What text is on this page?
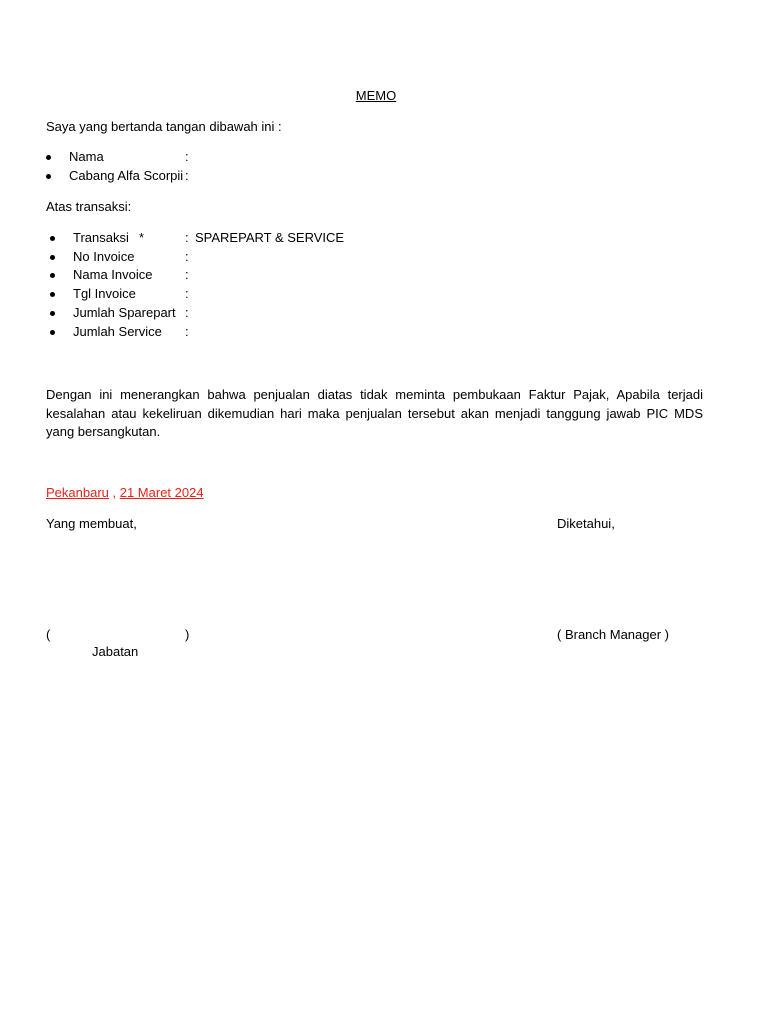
MEMO
Saya yang bertanda tangan dibawah ini :
Nama	:
Cabang Alfa Scorpii :
Atas transaksi:
Transaksi *	: SPAREPART & SERVICE
No Invoice	:
Nama Invoice	:
Tgl Invoice	:
Jumlah Sparepart :
Jumlah Service :
Dengan ini menerangkan bahwa penjualan diatas tidak meminta pembukaan Faktur Pajak, Apabila terjadi kesalahan atau kekeliruan dikemudian hari maka penjualan tersebut akan menjadi tanggung jawab PIC MDS yang bersangkutan.
Pekanbaru , 21 Maret 2024
Yang membuat,	Diketahui,
(	)	( Branch Manager )
Jabatan
